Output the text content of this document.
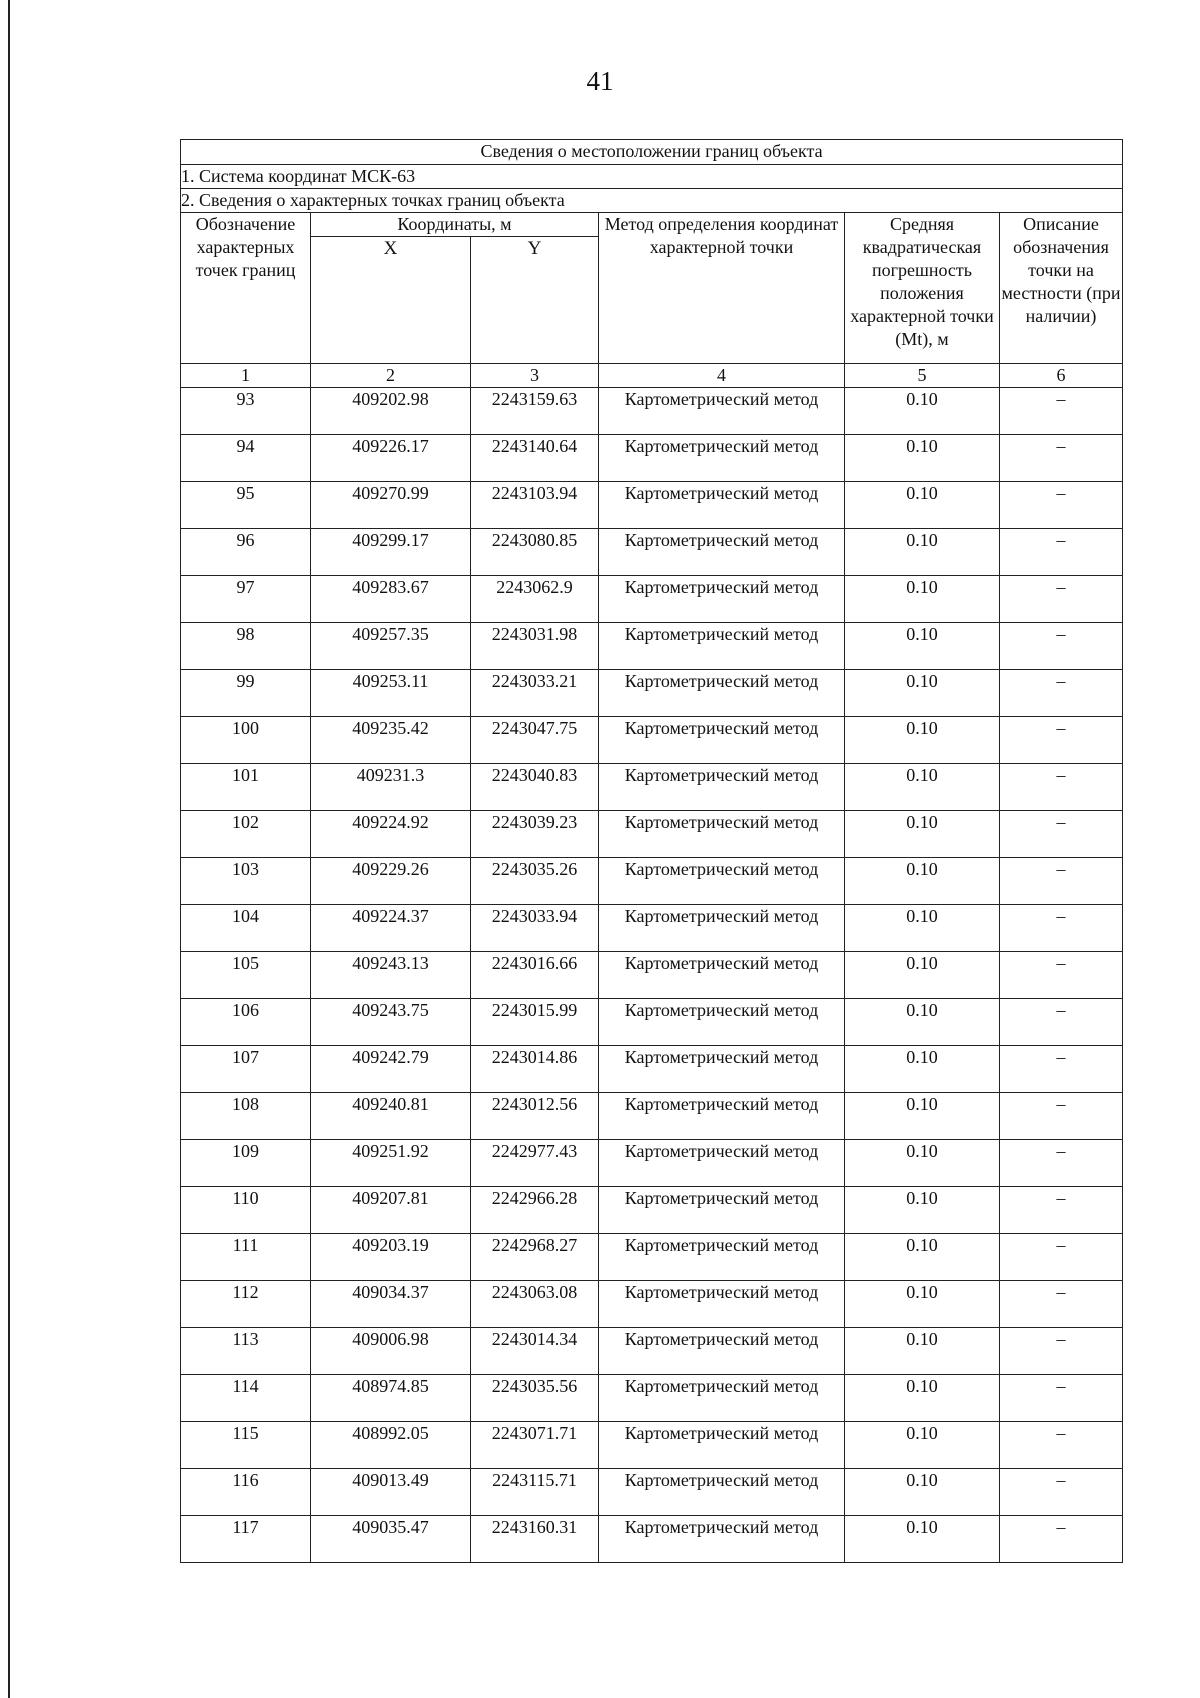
41
Сведения о местоположении границ объекта					
1. Система координат МСК-63					
2. Сведения о характерных точках границ объекта					
Обозначение характерных точек границ	Координаты, м		Метод определения координат характерной точки	Средняя квадратическая погрешность положения характерной точки (Mt), м	Описание обозначения точки на местности (при наличии)
	X	Y			
1	2	3	4	5	6
93	409202.98	2243159.63	Картометрический метод	0.10	–
94	409226.17	2243140.64	Картометрический метод	0.10	–
95	409270.99	2243103.94	Картометрический метод	0.10	–
96	409299.17	2243080.85	Картометрический метод	0.10	–
97	409283.67	2243062.9	Картометрический метод	0.10	–
98	409257.35	2243031.98	Картометрический метод	0.10	–
99	409253.11	2243033.21	Картометрический метод	0.10	–
100	409235.42	2243047.75	Картометрический метод	0.10	–
101	409231.3	2243040.83	Картометрический метод	0.10	–
102	409224.92	2243039.23	Картометрический метод	0.10	–
103	409229.26	2243035.26	Картометрический метод	0.10	–
104	409224.37	2243033.94	Картометрический метод	0.10	–
105	409243.13	2243016.66	Картометрический метод	0.10	–
106	409243.75	2243015.99	Картометрический метод	0.10	–
107	409242.79	2243014.86	Картометрический метод	0.10	–
108	409240.81	2243012.56	Картометрический метод	0.10	–
109	409251.92	2242977.43	Картометрический метод	0.10	–
110	409207.81	2242966.28	Картометрический метод	0.10	–
111	409203.19	2242968.27	Картометрический метод	0.10	–
112	409034.37	2243063.08	Картометрический метод	0.10	–
113	409006.98	2243014.34	Картометрический метод	0.10	–
114	408974.85	2243035.56	Картометрический метод	0.10	–
115	408992.05	2243071.71	Картометрический метод	0.10	–
116	409013.49	2243115.71	Картометрический метод	0.10	–
117	409035.47	2243160.31	Картометрический метод	0.10	–
